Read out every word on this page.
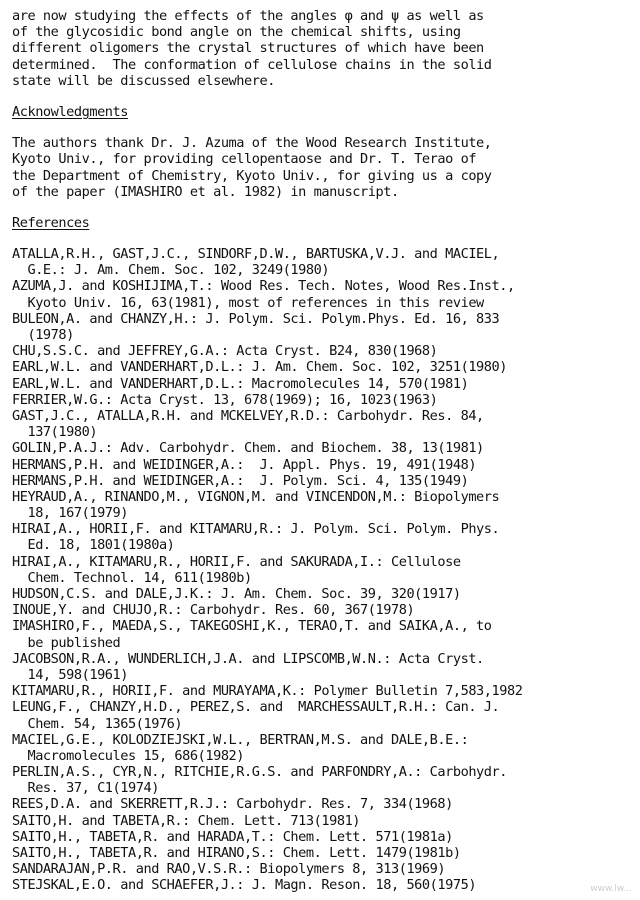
are now studying the effects of the angles φ and ψ as well as
of the glycosidic bond angle on the chemical shifts, using
different oligomers the crystal structures of which have been
determined.  The conformation of cellulose chains in the solid
state will be discussed elsewhere.
Acknowledgments
The authors thank Dr. J. Azuma of the Wood Research Institute,
Kyoto Univ., for providing cellopentaose and Dr. T. Terao of
the Department of Chemistry, Kyoto Univ., for giving us a copy
of the paper (IMASHIRO et al. 1982) in manuscript.
References
ATALLA,R.H., GAST,J.C., SINDORF,D.W., BARTUSKA,V.J. and MACIEL,
G.E.: J. Am. Chem. Soc. 102, 3249(1980)
AZUMA,J. and KOSHIJIMA,T.: Wood Res. Tech. Notes, Wood Res.Inst.,
Kyoto Univ. 16, 63(1981), most of references in this review
BULEON,A. and CHANZY,H.: J. Polym. Sci. Polym.Phys. Ed. 16, 833
(1978)
CHU,S.S.C. and JEFFREY,G.A.: Acta Cryst. B24, 830(1968)
EARL,W.L. and VANDERHART,D.L.: J. Am. Chem. Soc. 102, 3251(1980)
EARL,W.L. and VANDERHART,D.L.: Macromolecules 14, 570(1981)
FERRIER,W.G.: Acta Cryst. 13, 678(1969); 16, 1023(1963)
GAST,J.C., ATALLA,R.H. and MCKELVEY,R.D.: Carbohydr. Res. 84,
137(1980)
GOLIN,P.A.J.: Adv. Carbohydr. Chem. and Biochem. 38, 13(1981)
HERMANS,P.H. and WEIDINGER,A.:  J. Appl. Phys. 19, 491(1948)
HERMANS,P.H. and WEIDINGER,A.:  J. Polym. Sci. 4, 135(1949)
HEYRAUD,A., RINANDO,M., VIGNON,M. and VINCENDON,M.: Biopolymers
18, 167(1979)
HIRAI,A., HORII,F. and KITAMARU,R.: J. Polym. Sci. Polym. Phys.
Ed. 18, 1801(1980a)
HIRAI,A., KITAMARU,R., HORII,F. and SAKURADA,I.: Cellulose
Chem. Technol. 14, 611(1980b)
HUDSON,C.S. and DALE,J.K.: J. Am. Chem. Soc. 39, 320(1917)
INOUE,Y. and CHUJO,R.: Carbohydr. Res. 60, 367(1978)
IMASHIRO,F., MAEDA,S., TAKEGOSHI,K., TERAO,T. and SAIKA,A., to
be published
JACOBSON,R.A., WUNDERLICH,J.A. and LIPSCOMB,W.N.: Acta Cryst.
14, 598(1961)
KITAMARU,R., HORII,F. and MURAYAMA,K.: Polymer Bulletin 7,583,1982
LEUNG,F., CHANZY,H.D., PEREZ,S. and  MARCHESSAULT,R.H.: Can. J.
Chem. 54, 1365(1976)
MACIEL,G.E., KOLODZIEJSKI,W.L., BERTRAN,M.S. and DALE,B.E.:
Macromolecules 15, 686(1982)
PERLIN,A.S., CYR,N., RITCHIE,R.G.S. and PARFONDRY,A.: Carbohydr.
Res. 37, C1(1974)
REES,D.A. and SKERRETT,R.J.: Carbohydr. Res. 7, 334(1968)
SAITO,H. and TABETA,R.: Chem. Lett. 713(1981)
SAITO,H., TABETA,R. and HARADA,T.: Chem. Lett. 571(1981a)
SAITO,H., TABETA,R. and HIRANO,S.: Chem. Lett. 1479(1981b)
SANDARAJAN,P.R. and RAO,V.S.R.: Biopolymers 8, 313(1969)
STEJSKAL,E.O. and SCHAEFER,J.: J. Magn. Reson. 18, 560(1975)	www.lw...
